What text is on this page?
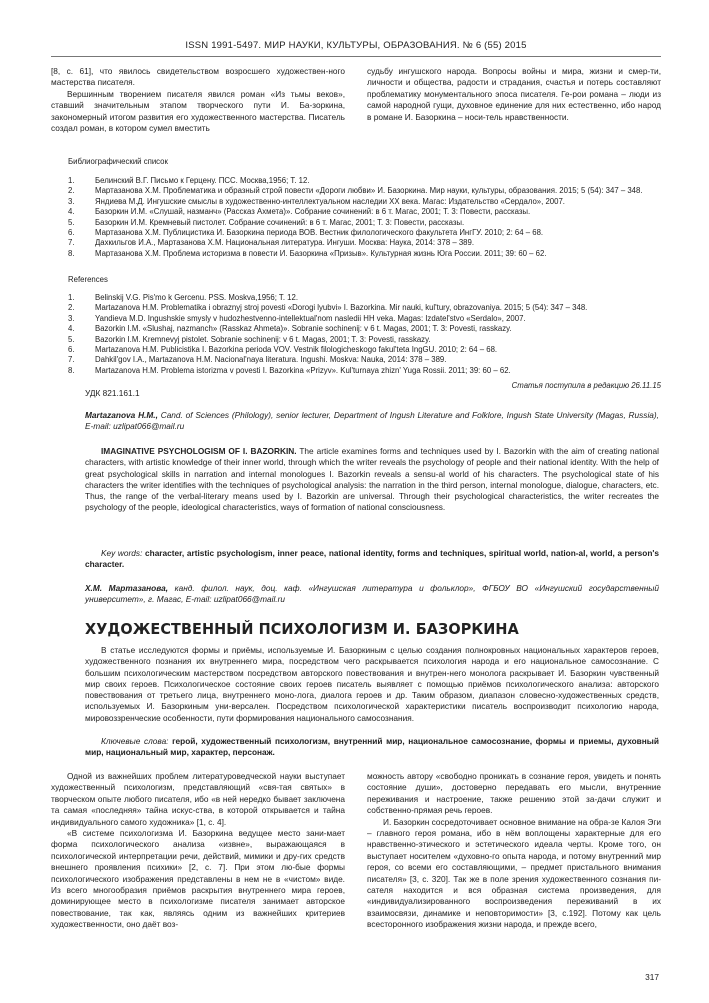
ISSN 1991-5497. МИР НАУКИ, КУЛЬТУРЫ, ОБРАЗОВАНИЯ. № 6 (55) 2015

[8, с. 61], что явилось свидетельством возросшего художествен-ного мастерства писателя.

Вершинным творением писателя явился роман «Из тьмы веков», ставший значительным этапом творческого пути И. Ба-зоркина, закономерный итогом развития его художественного мастерства. Писатель создал роман, в котором сумел вместить

судьбу ингушского народа. Вопросы войны и мира, жизни и смер-ти, личности и общества, радости и страдания, счастья и потерь составляют проблематику монументального эпоса писателя. Ге-рои романа – люди из самой народной гущи, духовное единение для них естественно, ибо народ в романе И. Базоркина – носи-тель нравственности.

Библиографический список
1.	Белинский В.Г. Письмо к Герцену. ПСС. Москва,1956; Т. 12.
2.	Мартазанова Х.М. Проблематика и образный строй повести «Дороги любви» И. Базоркина. Мир науки, культуры, образования. 2015; 5 (54): 347 – 348.
3.	Яндиева М.Д. Ингушские смыслы в художественно-интеллектуальном наследии ХХ века. Магас: Издательство «Сердало», 2007.
4.	Базоркин И.М. «Слушай, назманч» (Рассказ Ахмета)». Собрание сочинений: в 6 т. Магас, 2001; Т. 3: Повести, рассказы.
5.	Базоркин И.М. Кремневый пистолет. Собрание сочинений: в 6 т. Магас, 2001; Т. 3: Повести, рассказы.
6.	Мартазанова Х.М. Публицистика И. Базоркина периода ВОВ. Вестник филологического факультета ИнгГУ. 2010; 2: 64 – 68.
7.	Дахкильгов И.А., Мартазанова Х.М. Национальная литература. Ингуши. Москва: Наука, 2014: 378 – 389.
8.	Мартазанова Х.М. Проблема историзма в повести И. Базоркина «Призыв». Культурная жизнь Юга России. 2011; 39: 60 – 62.
References
1.	Belinskij V.G. Pis'mo k Gercenu. PSS. Moskva,1956; T. 12.
2.	Martazanova H.M. Problematika i obraznyj stroj povesti «Dorogi lyubvi» I. Bazorkina. Mir nauki, kul'tury, obrazovaniya. 2015; 5 (54): 347 – 348.
3.	Yandieva M.D. Ingushskie smysly v hudozhestvenno-intellektual'nom nasledii HH veka. Magas: Izdatel'stvo «Serdalo», 2007.
4.	Bazorkin I.M. «Slushaj, nazmanch» (Rasskaz Ahmeta)». Sobranie sochinenij: v 6 t. Magas, 2001; T. 3: Povesti, rasskazy.
5.	Bazorkin I.M. Kremnevyj pistolet. Sobranie sochinenij: v 6 t. Magas, 2001; T. 3: Povesti, rasskazy.
6.	Martazanova H.M. Publicistika I. Bazorkina perioda VOV. Vestnik filologicheskogo fakul'teta IngGU. 2010; 2: 64 – 68.
7.	Dahkil'gov I.A., Martazanova H.M. Nacional'naya literatura. Ingushi. Moskva: Nauka, 2014: 378 – 389.
8.	Martazanova H.M. Problema istorizma v povesti I. Bazorkina «Prizyv». Kul'turnaya zhizn' Yuga Rossii. 2011; 39: 60 – 62.
Статья поступила в редакцию 26.11.15
УДК 821.161.1

Martazanova H.M., Cand. of Sciences (Philology), senior lecturer, Department of Ingush Literature and Folklore, Ingush State University (Magas, Russia), E-mail: uzlipat066@mail.ru

IMAGINATIVE PSYCHOLOGISM OF I. BAZORKIN. The article examines forms and techniques used by I. Bazorkin with the aim of creating national characters, with artistic knowledge of their inner world, through which the writer reveals the psychology of people and their national identity. With the help of great psychological skills in narration and internal monologues I. Bazorkin reveals a sensu-al world of his characters. The psychological state of his characters the writer identifies with the techniques of psychological analysis: the narration in the third person, internal monologue, dialogue, characters, etc. Thus, the range of the verbal-literary means used by I. Bazorkin are universal. Through their psychological characteristics, the writer recreates the psychology of the people, ideological characteristics, ways of formation of national consciousness.

Key words: character, artistic psychologism, inner peace, national identity, forms and techniques, spiritual world, nation-al, world, a person's character.

Х.М. Мартазанова, канд. филол. наук, доц. каф. «Ингушская литература и фольклор», ФГБОУ ВО «Ингушский государственный университет», г. Магас, E-mail: uzlipat066@mail.ru

ХУДОЖЕСТВЕННЫЙ ПСИХОЛОГИЗМ И. БАЗОРКИНА

В статье исследуются формы и приёмы, используемые И. Базоркиным с целью создания полнокровных национальных характеров героев, художественного познания их внутреннего мира, посредством чего раскрывается психология народа и его национальное самосознание. С большим психологическим мастерством посредством авторского повествования и внутрен-него монолога раскрывает И. Базоркин чувственный мир своих героев. Психологическое состояние своих героев писатель выявляет с помощью приёмов психологического анализа: авторского повествования от третьего лица, внутреннего моно-лога, диалога героев и др. Таким образом, диапазон словесно-художественных средств, используемых И. Базоркиным уни-версален. Посредством психологической характеристики писатель воспроизводит психологию народа, мировоззренческие особенности, пути формирования национального самосознания.

Ключевые слова: герой, художественный психологизм, внутренний мир, национальное самосознание, формы и приемы, духовный мир, национальный мир, характер, персонаж.

Одной из важнейших проблем литературоведческой науки выступает художественный психологизм, представляющий «свя-тая святых» в творческом опыте любого писателя, ибо «в ней нередко бывает заключена та самая «последняя» тайна искус-ства, в которой открывается и тайна индивидуального самого художника» [1, с. 4].

«В системе психологизма И. Базоркина ведущее место зани-мает форма психологического анализа «извне», выражающаяся в психологической интерпретации речи, действий, мимики и дру-гих средств внешнего проявления психики» [2, с. 7]. При этом лю-бые формы психологического изображения представлены в нем не в «чистом» виде. Из всего многообразия приёмов раскрытия внутреннего мира героев, доминирующее место в психологизме писателя занимает авторское повествование, так как, являясь одним из важнейших критериев художественности, оно даёт воз-

можность автору «свободно проникать в сознание героя, увидеть и понять состояние души», достоверно передавать его мысли, внутренние переживания и настроение, также решению этой за-дачи служит и собственно-прямая речь героев.

И. Базоркин сосредоточивает основное внимание на обра-зе Калоя Эги – главного героя романа, ибо в нём воплощены характерные для его нравственно-этического и эстетического идеала черты. Кроме того, он выступает носителем «духовно-го опыта народа, и потому внутренний мир героя, со всеми его составляющими, – предмет пристального внимания писателя» [3, с. 320]. Так же в поле зрения художественного сознания пи-сателя находится и вся образная система произведения, для «индивидуализированного воспроизведения переживаний в их взаимосвязи, динамике и неповторимости» [3, с.192]. Потому как цель всесторонного изображения жизни народа, и прежде всего,

317
